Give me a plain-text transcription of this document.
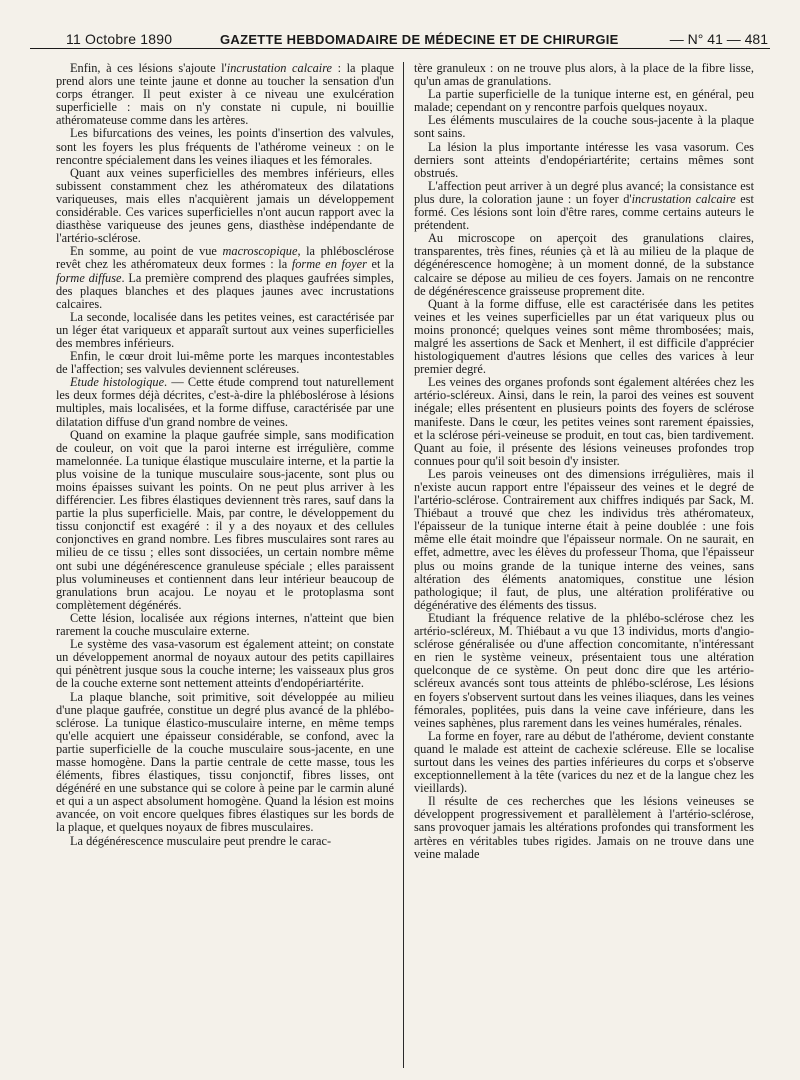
11 Octobre 1890	GAZETTE HEBDOMADAIRE DE MÉDECINE ET DE CHIRURGIE	— N° 41 — 481

Enfin, à ces lésions s'ajoute l'incrustation calcaire : la plaque prend alors une teinte jaune et donne au toucher la sensation d'un corps étranger. Il peut exister à ce niveau une exulcération superficielle : mais on n'y constate ni cupule, ni bouillie athéromateuse comme dans les artères.

Les bifurcations des veines, les points d'insertion des valvules, sont les foyers les plus fréquents de l'athérome veineux : on le rencontre spécialement dans les veines iliaques et les fémorales.

Quant aux veines superficielles des membres inférieurs, elles subissent constamment chez les athéromateux des dilatations variqueuses, mais elles n'acquièrent jamais un développement considérable. Ces varices superficielles n'ont aucun rapport avec la diasthèse variqueuse des jeunes gens, diasthèse indépendante de l'artério-sclérose.

En somme, au point de vue macroscopique, la phlébosclérose revêt chez les athéromateux deux formes : la forme en foyer et la forme diffuse. La première comprend des plaques gaufrées simples, des plaques blanches et des plaques jaunes avec incrustations calcaires.

La seconde, localisée dans les petites veines, est caractérisée par un léger état variqueux et apparaît surtout aux veines superficielles des membres inférieurs.

Enfin, le cœur droit lui-même porte les marques incontestables de l'affection; ses valvules deviennent scléreuses.

Etude histologique. — Cette étude comprend tout naturellement les deux formes déjà décrites, c'est-à-dire la phléboslérose à lésions multiples, mais localisées, et la forme diffuse, caractérisée par une dilatation diffuse d'un grand nombre de veines.

Quand on examine la plaque gaufrée simple, sans modification de couleur, on voit que la paroi interne est irrégulière, comme mamelonnée. La tunique élastique musculaire interne, et la partie la plus voisine de la tunique musculaire sous-jacente, sont plus ou moins épaisses suivant les points. On ne peut plus arriver à les différencier. Les fibres élastiques deviennent très rares, sauf dans la partie la plus superficielle. Mais, par contre, le développement du tissu conjonctif est exagéré : il y a des noyaux et des cellules conjonctives en grand nombre. Les fibres musculaires sont rares au milieu de ce tissu ; elles sont dissociées, un certain nombre même ont subi une dégénérescence granuleuse spéciale ; elles paraissent plus volumineuses et contiennent dans leur intérieur beaucoup de granulations brun acajou. Le noyau et le protoplasma sont complètement dégénérés.

Cette lésion, localisée aux régions internes, n'atteint que bien rarement la couche musculaire externe.

Le système des vasa-vasorum est également atteint; on constate un développement anormal de noyaux autour des petits capillaires qui pénètrent jusque sous la couche interne; les vaisseaux plus gros de la couche externe sont nettement atteints d'endopériartérite.

La plaque blanche, soit primitive, soit développée au milieu d'une plaque gaufrée, constitue un degré plus avancé de la phlébo-sclérose. La tunique élastico-musculaire interne, en même temps qu'elle acquiert une épaisseur considérable, se confond, avec la partie superficielle de la couche musculaire sous-jacente, en une masse homogène. Dans la partie centrale de cette masse, tous les éléments, fibres élastiques, tissu conjonctif, fibres lisses, ont dégénéré en une substance qui se colore à peine par le carmin aluné et qui a un aspect absolument homogène. Quand la lésion est moins avancée, on voit encore quelques fibres élastiques sur les bords de la plaque, et quelques noyaux de fibres musculaires.

La dégénérescence musculaire peut prendre le carac-

tère granuleux : on ne trouve plus alors, à la place de la fibre lisse, qu'un amas de granulations.

La partie superficielle de la tunique interne est, en général, peu malade; cependant on y rencontre parfois quelques noyaux.

Les éléments musculaires de la couche sous-jacente à la plaque sont sains.

La lésion la plus importante intéresse les vasa vasorum. Ces derniers sont atteints d'endopériartérite; certains mêmes sont obstrués.

L'affection peut arriver à un degré plus avancé; la consistance est plus dure, la coloration jaune : un foyer d'incrustation calcaire est formé. Ces lésions sont loin d'être rares, comme certains auteurs le prétendent.

Au microscope on aperçoit des granulations claires, transparentes, très fines, réunies çà et là au milieu de la plaque de dégénérescence homogène; à un moment donné, de la substance calcaire se dépose au milieu de ces foyers. Jamais on ne rencontre de dégénérescence graisseuse proprement dite.

Quant à la forme diffuse, elle est caractérisée dans les petites veines et les veines superficielles par un état variqueux plus ou moins prononcé; quelques veines sont même thrombosées; mais, malgré les assertions de Sack et Menhert, il est difficile d'apprécier histologiquement d'autres lésions que celles des varices à leur premier degré.

Les veines des organes profonds sont également altérées chez les artério-scléreux. Ainsi, dans le rein, la paroi des veines est souvent inégale; elles présentent en plusieurs points des foyers de sclérose manifeste. Dans le cœur, les petites veines sont rarement épaissies, et la sclérose péri-veineuse se produit, en tout cas, bien tardivement. Quant au foie, il présente des lésions veineuses profondes trop connues pour qu'il soit besoin d'y insister.

Les parois veineuses ont des dimensions irrégulières, mais il n'existe aucun rapport entre l'épaisseur des veines et le degré de l'artério-sclérose. Contrairement aux chiffres indiqués par Sack, M. Thiébaut a trouvé que chez les individus très athéromateux, l'épaisseur de la tunique interne était à peine doublée : une fois même elle était moindre que l'épaisseur normale. On ne saurait, en effet, admettre, avec les élèves du professeur Thoma, que l'épaisseur plus ou moins grande de la tunique interne des veines, sans altération des éléments anatomiques, constitue une lésion pathologique; il faut, de plus, une altération proliférative ou dégénérative des éléments des tissus.

Etudiant la fréquence relative de la phlébo-sclérose chez les artério-scléreux, M. Thiébaut a vu que 13 individus, morts d'angio-sclérose généralisée ou d'une affection concomitante, n'intéressant en rien le système veineux, présentaient tous une altération quelconque de ce système. On peut donc dire que les artério-scléreux avancés sont tous atteints de phlébo-sclérose, Les lésions en foyers s'observent surtout dans les veines iliaques, dans les veines fémorales, poplitées, puis dans la veine cave inférieure, dans les veines saphènes, plus rarement dans les veines humérales, rénales.

La forme en foyer, rare au début de l'athérome, devient constante quand le malade est atteint de cachexie scléreuse. Elle se localise surtout dans les veines des parties inférieures du corps et s'observe exceptionnellement à la tête (varices du nez et de la langue chez les vieillards).

Il résulte de ces recherches que les lésions veineuses se développent progressivement et parallèlement à l'artério-sclérose, sans provoquer jamais les altérations profondes qui transforment les artères en véritables tubes rigides. Jamais on ne trouve dans une veine malade
